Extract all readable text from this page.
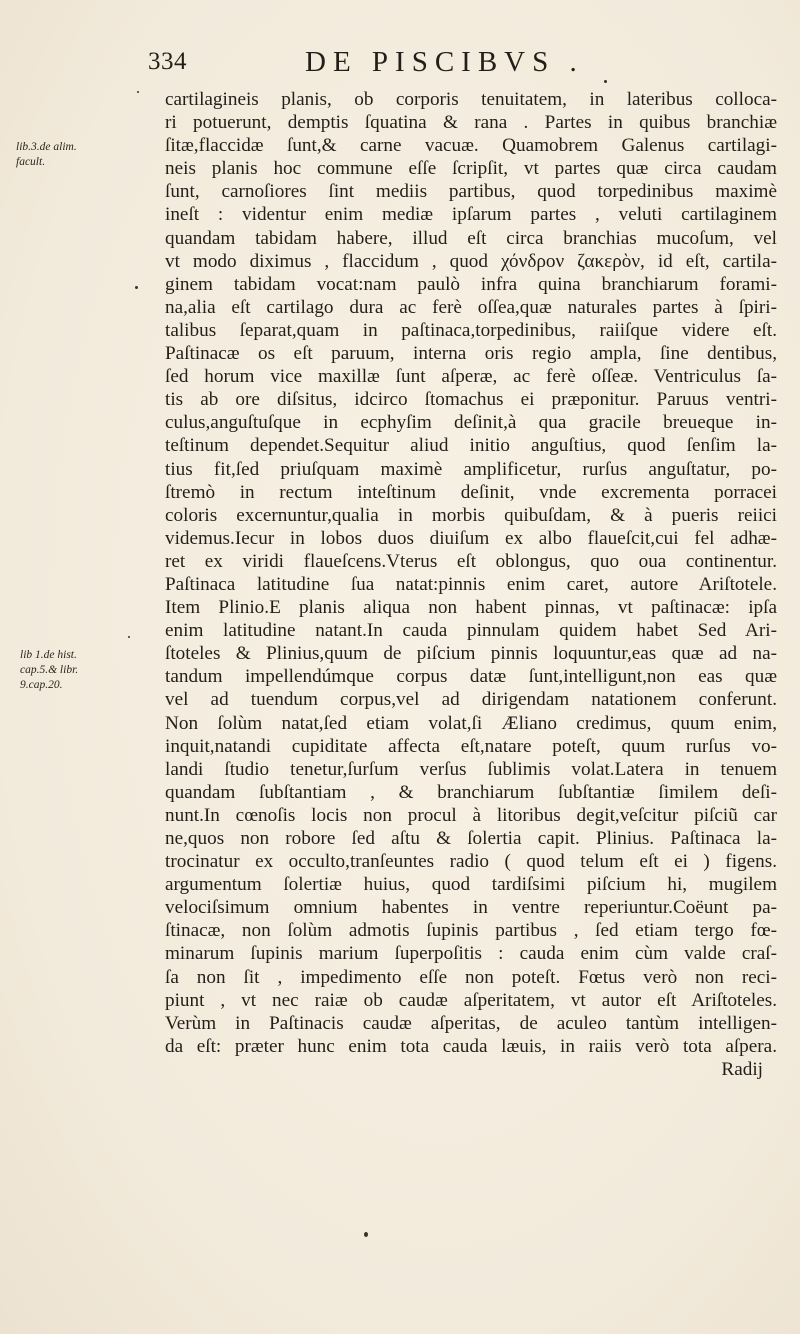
334	DE PISCIBVS .
lib.3.de alim.
facult.
lib 1.de hist.
cap.5.& libr.
9.cap.20.
cartilagineis planis, ob corporis tenuitatem, in lateribus colloca-
ri potuerunt, demptis ſquatina & rana . Partes in quibus branchiæ
ſitæ,flaccidæ ſunt,& carne vacuæ. Quamobrem Galenus cartilagi-
neis planis hoc commune eſſe ſcripſit, vt partes quæ circa caudam
ſunt, carnoſiores ſint mediis partibus, quod torpedinibus maximè
ineſt : videntur enim mediæ ipſarum partes , veluti cartilaginem
quandam tabidam habere, illud eſt circa branchias mucoſum, vel
vt modo diximus , flaccidum , quod χόνδρον ζακερὸν, id eſt, cartila-
ginem tabidam vocat:nam paulò infra quina branchiarum forami-
na,alia eſt cartilago dura ac ferè oſſea,quæ naturales partes à ſpiri-
talibus ſeparat,quam in paſtinaca,torpedinibus, raiiſque videre eſt.
Paſtinacæ os eſt paruum, interna oris regio ampla, ſine dentibus,
ſed horum vice maxillæ ſunt aſperæ, ac ferè oſſeæ. Ventriculus ſa-
tis ab ore diſsitus, idcirco ſtomachus ei præponitur. Paruus ventri-
culus,anguſtuſque in ecphyſim deſinit,à qua gracile breueque in-
teſtinum dependet.Sequitur aliud initio anguſtius, quod ſenſim la-
tius fit,ſed priuſquam maximè amplificetur, rurſus anguſtatur, po-
ſtremò in rectum inteſtinum deſinit, vnde excrementa porracei
coloris excernuntur,qualia in morbis quibuſdam, & à pueris reiici
videmus.Iecur in lobos duos diuiſum ex albo flaueſcit,cui fel adhæ-
ret ex viridi flaueſcens.Vterus eſt oblongus, quo oua continentur.
Paſtinaca latitudine ſua natat:pinnis enim caret, autore Ariſtotele.
Item Plinio.E planis aliqua non habent pinnas, vt paſtinacæ: ipſa
enim latitudine natant.In cauda pinnulam quidem habet Sed Ari-
ſtoteles & Plinius,quum de piſcium pinnis loquuntur,eas quæ ad na-
tandum impellendúmque corpus datæ ſunt,intelligunt,non eas quæ
vel ad tuendum corpus,vel ad dirigendam natationem conferunt.
Non ſolùm natat,ſed etiam volat,ſi Æliano credimus, quum enim,
inquit,natandi cupiditate affecta eſt,natare poteſt, quum rurſus vo-
landi ſtudio tenetur,ſurſum verſus ſublimis volat.Latera in tenuem
quandam ſubſtantiam , & branchiarum ſubſtantiæ ſimilem deſi-
nunt.In cœnoſis locis non procul à litoribus degit,veſcitur piſciũ car
ne,quos non robore ſed aſtu & ſolertia capit. Plinius. Paſtinaca la-
trocinatur ex occulto,tranſeuntes radio ( quod telum eſt ei ) figens.
argumentum ſolertiæ huius, quod tardiſsimi piſcium hi, mugilem
velociſsimum omnium habentes in ventre reperiuntur.Coëunt pa-
ſtinacæ, non ſolùm admotis ſupinis partibus , ſed etiam tergo fœ-
minarum ſupinis marium ſuperpoſitis : cauda enim cùm valde craſ-
ſa non ſit , impedimento eſſe non poteſt. Fœtus verò non reci-
piunt , vt nec raiæ ob caudæ aſperitatem, vt autor eſt Ariſtoteles.
Verùm in Paſtinacis caudæ aſperitas, de aculeo tantùm intelligen-
da eſt: præter hunc enim tota cauda læuis, in raiis verò tota aſpera.
Radij
